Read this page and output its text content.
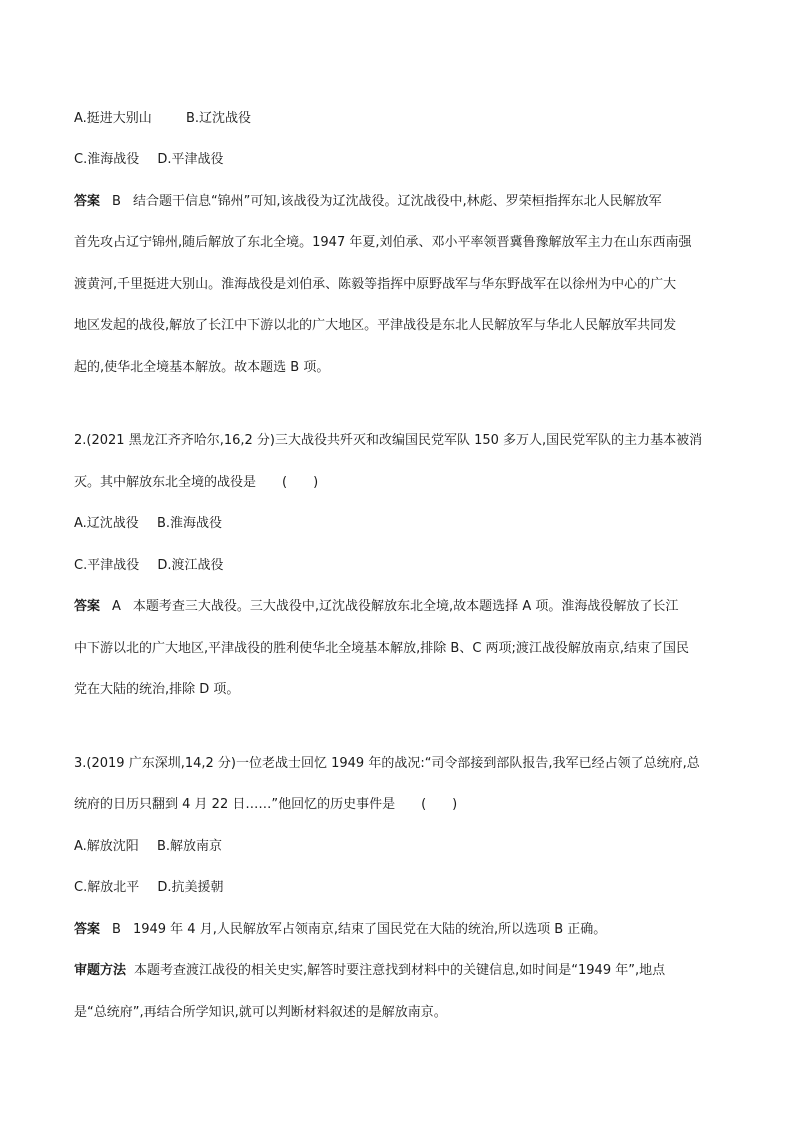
A.挺进大别山	B.辽沈战役
C.淮海战役 D.平津战役
答案 B 结合题干信息“锦州”可知,该战役为辽沈战役。辽沈战役中,林彪、罗荣桓指挥东北人民解放军
首先攻占辽宁锦州,随后解放了东北全境。1947 年夏,刘伯承、邓小平率领晋冀鲁豫解放军主力在山东西南强
渡黄河,千里挺进大别山。淮海战役是刘伯承、陈毅等指挥中原野战军与华东野战军在以徐州为中心的广大
地区发起的战役,解放了长江中下游以北的广大地区。平津战役是东北人民解放军与华北人民解放军共同发
起的,使华北全境基本解放。故本题选 B 项。
2.(2021 黑龙江齐齐哈尔,16,2 分)三大战役共歼灭和改编国民党军队 150 多万人,国民党军队的主力基本被消
灭。其中解放东北全境的战役是　　(　　)
A.辽沈战役 B.淮海战役
C.平津战役 D.渡江战役
答案 A 本题考查三大战役。三大战役中,辽沈战役解放东北全境,故本题选择 A 项。淮海战役解放了长江
中下游以北的广大地区,平津战役的胜利使华北全境基本解放,排除 B、C 两项;渡江战役解放南京,结束了国民
党在大陆的统治,排除 D 项。
3.(2019 广东深圳,14,2 分)一位老战士回忆 1949 年的战况:“司令部接到部队报告,我军已经占领了总统府,总
统府的日历只翻到 4 月 22 日……”他回忆的历史事件是　　(　　)
A.解放沈阳 B.解放南京
C.解放北平 D.抗美援朝
答案 B 1949 年 4 月,人民解放军占领南京,结束了国民党在大陆的统治,所以选项 B 正确。
审题方法 本题考查渡江战役的相关史实,解答时要注意找到材料中的关键信息,如时间是“1949 年”,地点
是“总统府”,再结合所学知识,就可以判断材料叙述的是解放南京。
